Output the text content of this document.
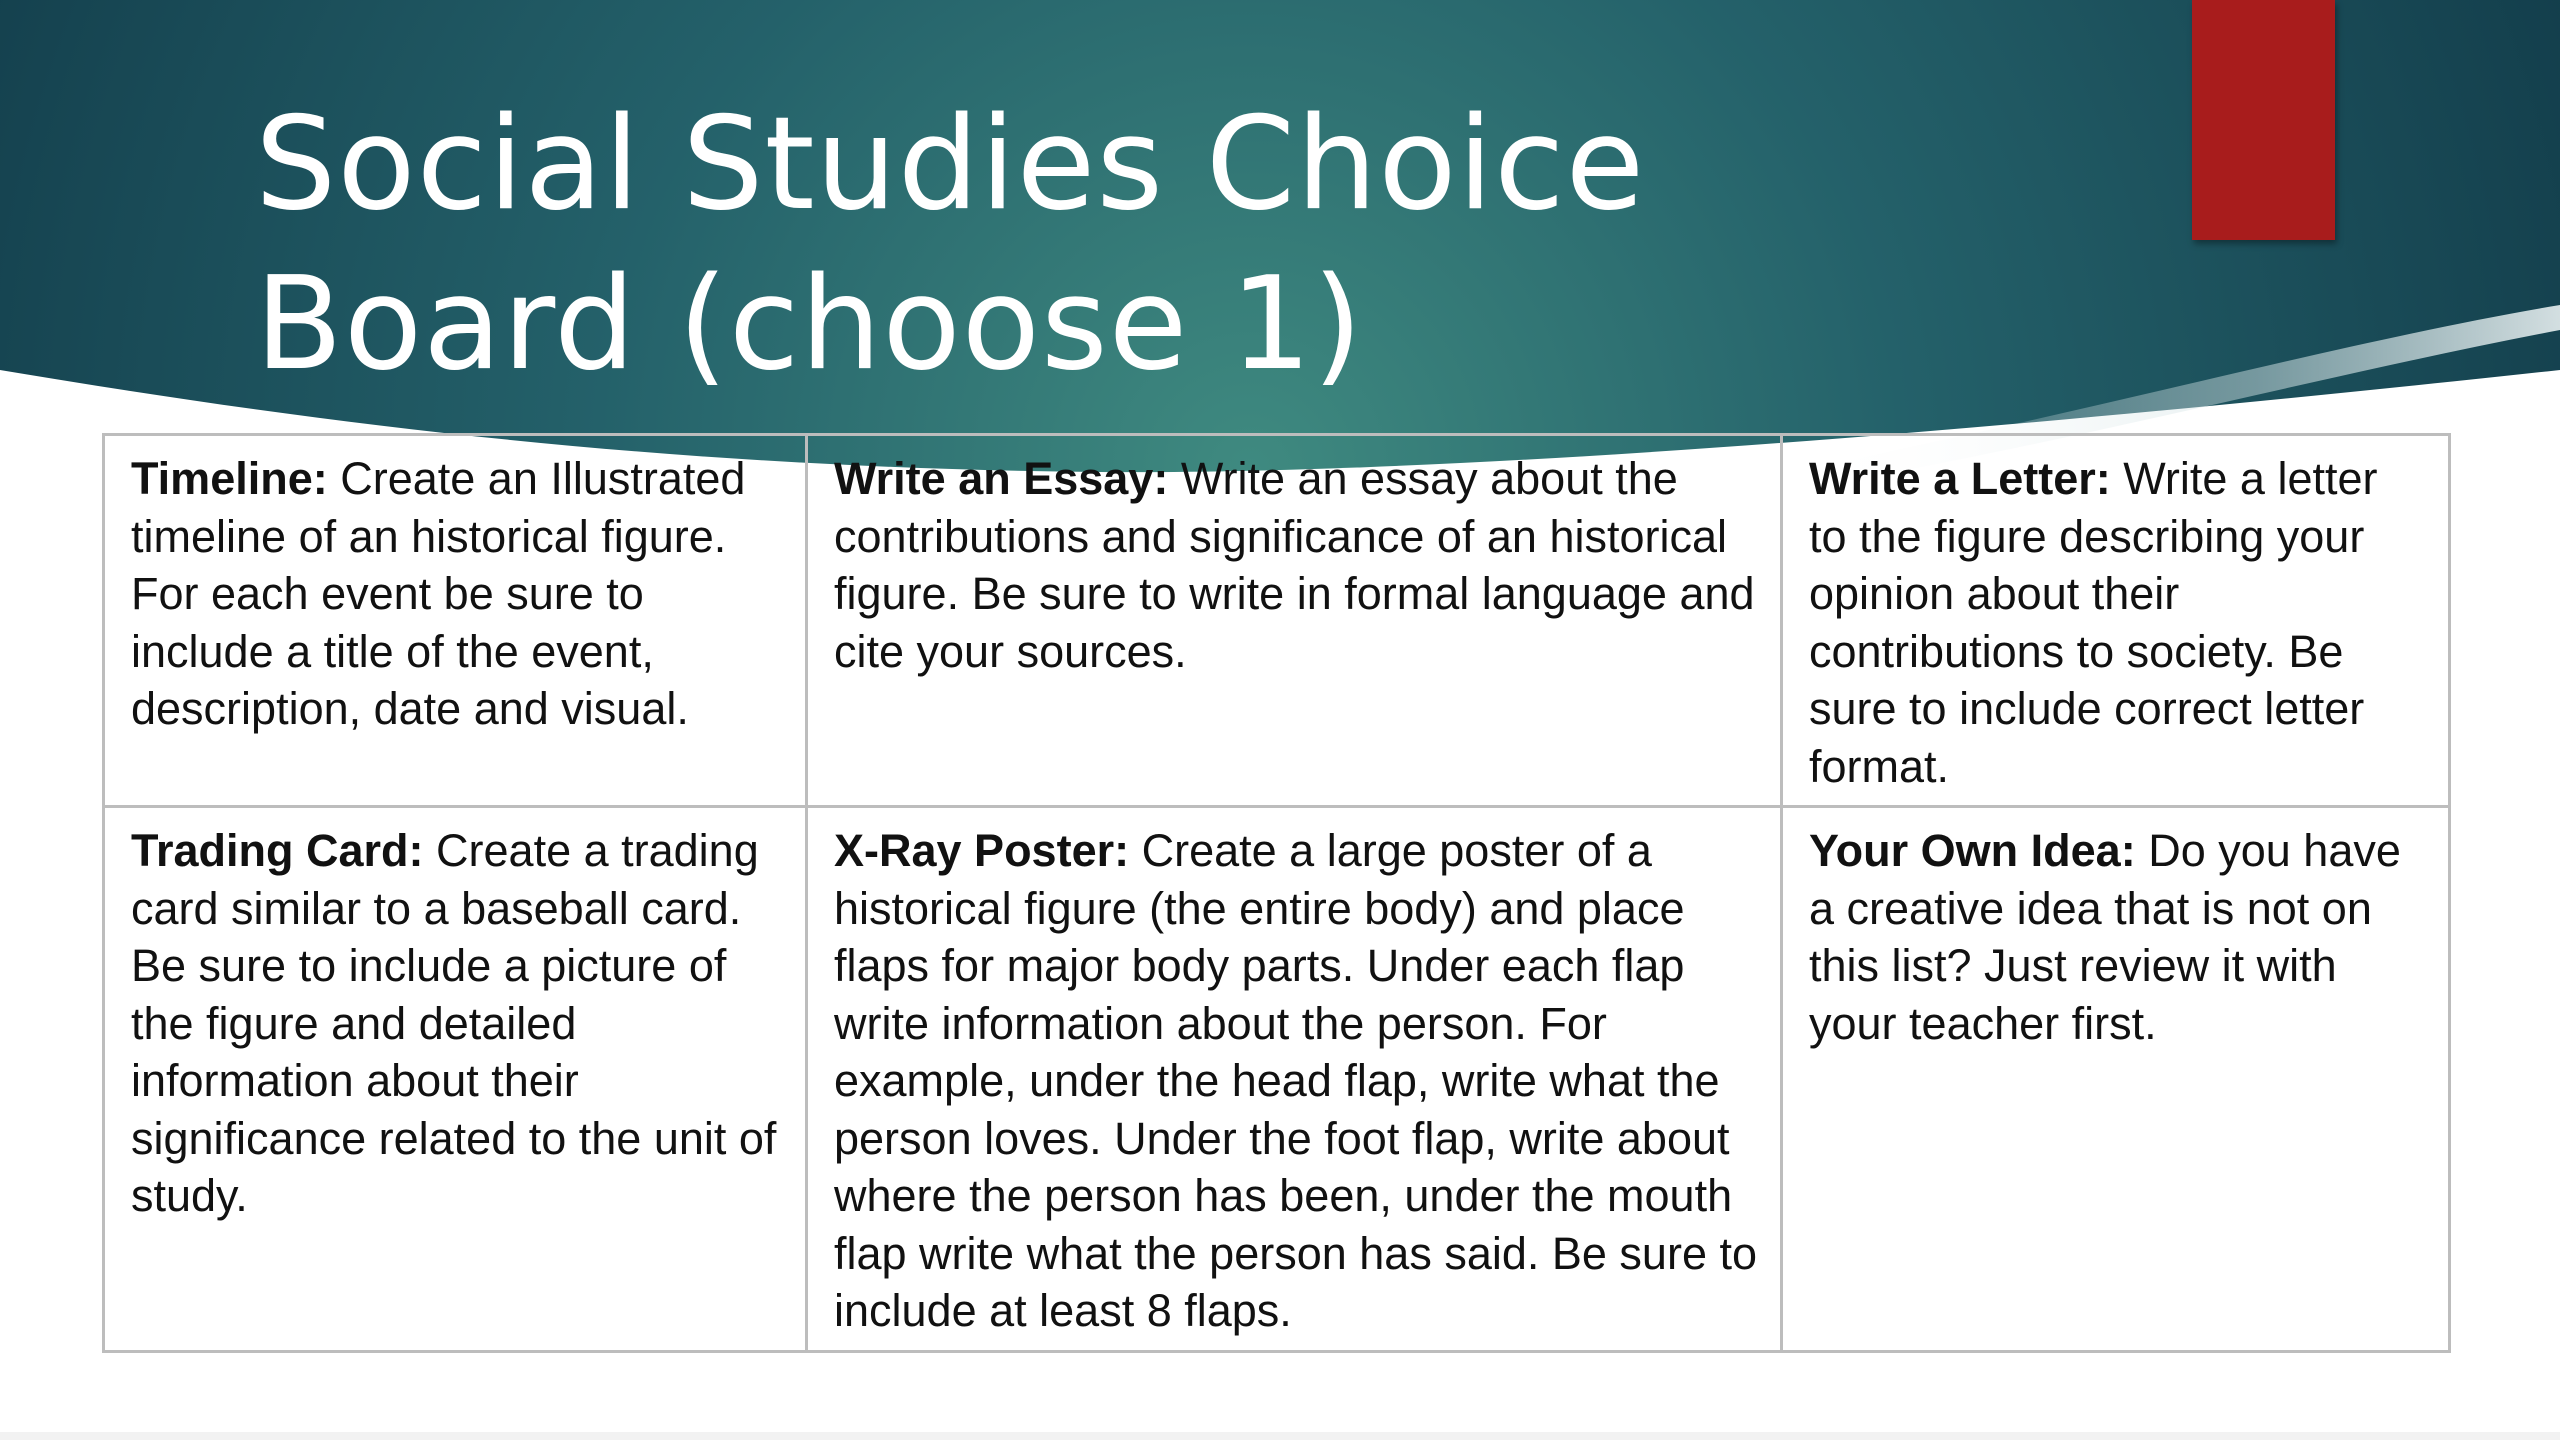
Social Studies Choice
Board (choose 1)
Timeline: Create an Illustrated timeline of an historical figure. For each event be sure to include a title of the event, description, date and visual.	Write an Essay: Write an essay about the contributions and significance of an historical figure. Be sure to write in formal language and cite your sources.	Write a Letter: Write a letter to the figure describing your opinion about their contributions to society. Be sure to include correct letter format.
Trading Card: Create a trading card similar to a baseball card. Be sure to include a picture of the figure and detailed information about their significance related to the unit of study.	X-Ray Poster: Create a large poster of a historical figure (the entire body) and place flaps for major body parts. Under each flap write information about the person. For example, under the head flap, write what the person loves. Under the foot flap, write about where the person has been, under the mouth flap write what the person has said. Be sure to include at least 8 flaps.	Your Own Idea: Do you have a creative idea that is not on this list? Just review it with your teacher first.
